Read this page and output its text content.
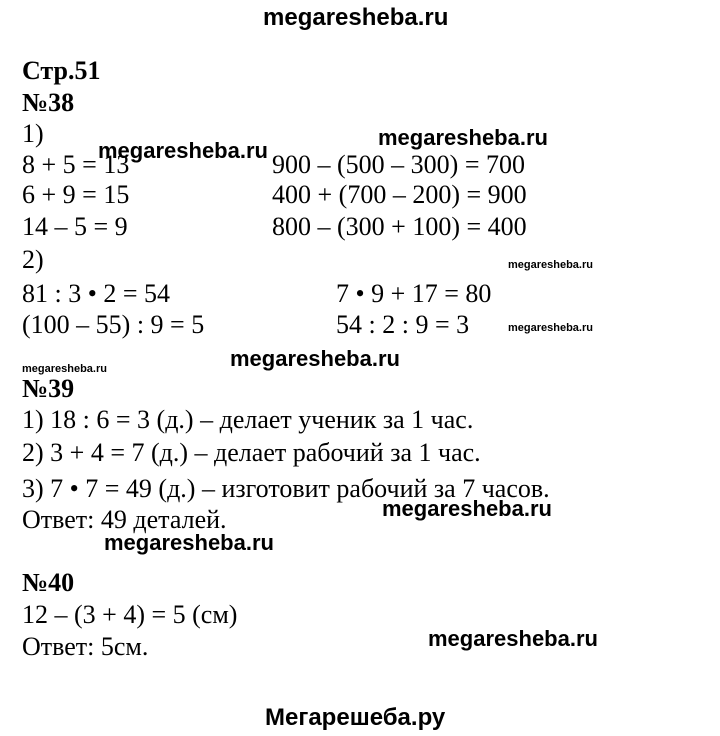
megaresheba.ru
Стр.51
№38
1)
8 + 5 = 13
6 + 9 = 15
14 – 5 = 9
900 – (500 – 300) = 700
400 + (700 – 200) = 900
800 – (300 + 100) = 400
2)
81 : 3 • 2 = 54
(100 – 55) : 9 = 5
7 • 9 + 17 = 80
54 : 2 : 9 = 3
№39
1) 18 : 6 = 3 (д.) – делает ученик за 1 час.
2) 3 + 4 = 7 (д.) – делает рабочий за 1 час.
3) 7 • 7 = 49 (д.) – изготовит рабочий за 7 часов.
Ответ: 49 деталей.
№40
12 – (3 + 4) = 5 (см)
Ответ: 5см.
megaresheba.ru
megaresheba.ru
megaresheba.ru
megaresheba.ru
megaresheba.ru	megaresheba.ru
megaresheba.ru
megaresheba.ru
megaresheba.ru
Мегарешеба.ру
